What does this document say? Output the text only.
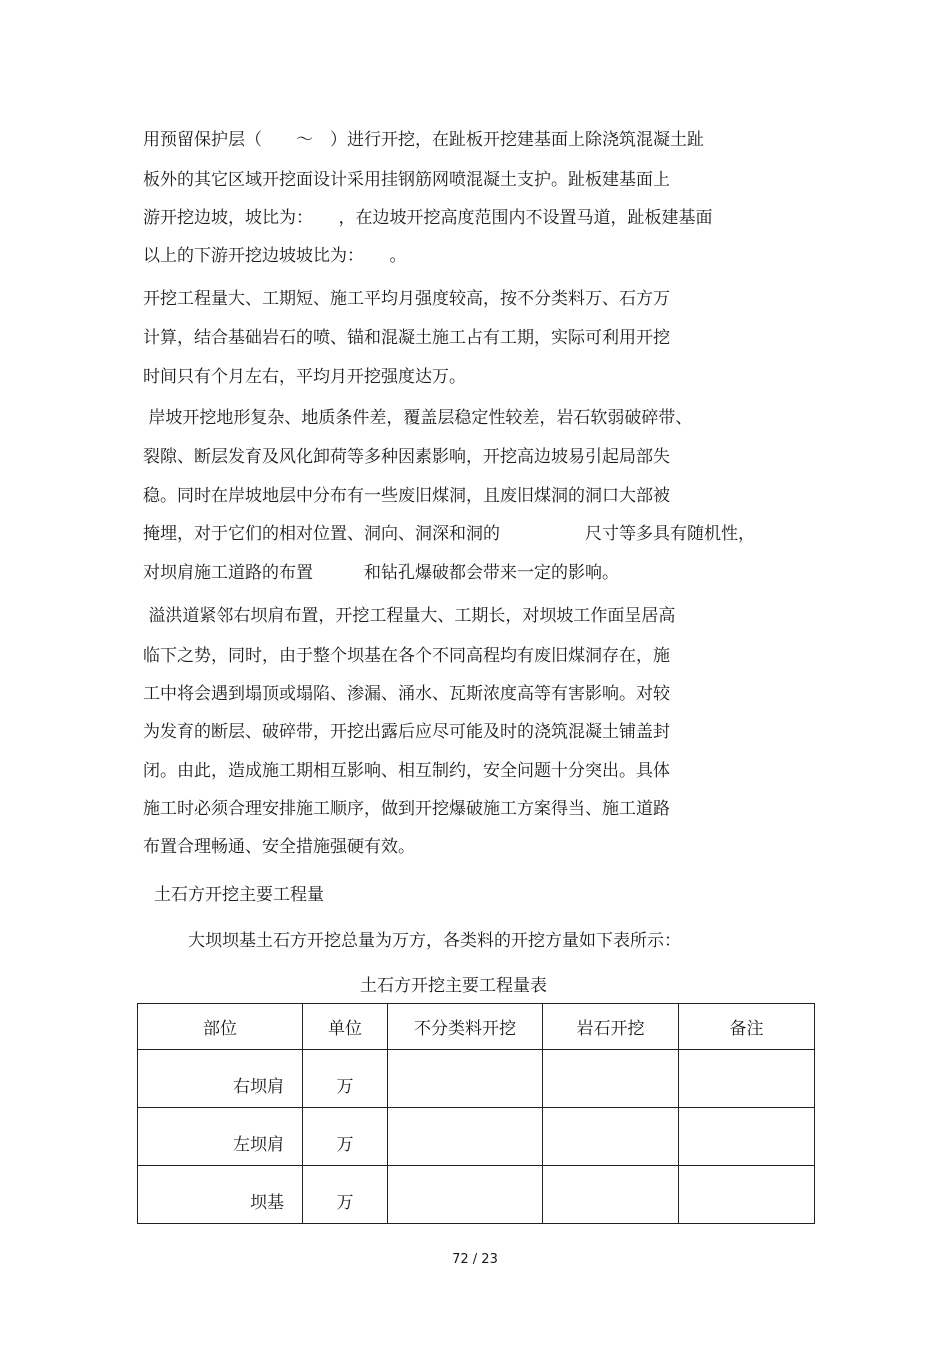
用预留保护层（　　～　）进行开挖，在趾板开挖建基面上除浇筑混凝土趾
板外的其它区域开挖面设计采用挂钢筋网喷混凝土支护。趾板建基面上
游开挖边坡，坡比为：　　，在边坡开挖高度范围内不设置马道，趾板建基面
以上的下游开挖边坡坡比为：　　。
开挖工程量大、工期短、施工平均月强度较高，按不分类料万、石方万
计算，结合基础岩石的喷、锚和混凝土施工占有工期，实际可利用开挖
时间只有个月左右，平均月开挖强度达万。
岸坡开挖地形复杂、地质条件差，覆盖层稳定性较差，岩石软弱破碎带、
裂隙、断层发育及风化卸荷等多种因素影响，开挖高边坡易引起局部失
稳。同时在岸坡地层中分布有一些废旧煤洞，且废旧煤洞的洞口大部被
掩埋，对于它们的相对位置、洞向、洞深和洞的　　　　　尺寸等多具有随机性，
对坝肩施工道路的布置　　　和钻孔爆破都会带来一定的影响。
溢洪道紧邻右坝肩布置，开挖工程量大、工期长，对坝坡工作面呈居高
临下之势，同时，由于整个坝基在各个不同高程均有废旧煤洞存在，施
工中将会遇到塌顶或塌陷、渗漏、涌水、瓦斯浓度高等有害影响。对较
为发育的断层、破碎带，开挖出露后应尽可能及时的浇筑混凝土铺盖封
闭。由此，造成施工期相互影响、相互制约，安全问题十分突出。具体
施工时必须合理安排施工顺序，做到开挖爆破施工方案得当、施工道路
布置合理畅通、安全措施强硬有效。
土石方开挖主要工程量
大坝坝基土石方开挖总量为万方，各类料的开挖方量如下表所示：
土石方开挖主要工程量表
部位	单位	不分类料开挖	岩石开挖	备注
右坝肩	万			
左坝肩	万			
坝基	万			
72 / 23
